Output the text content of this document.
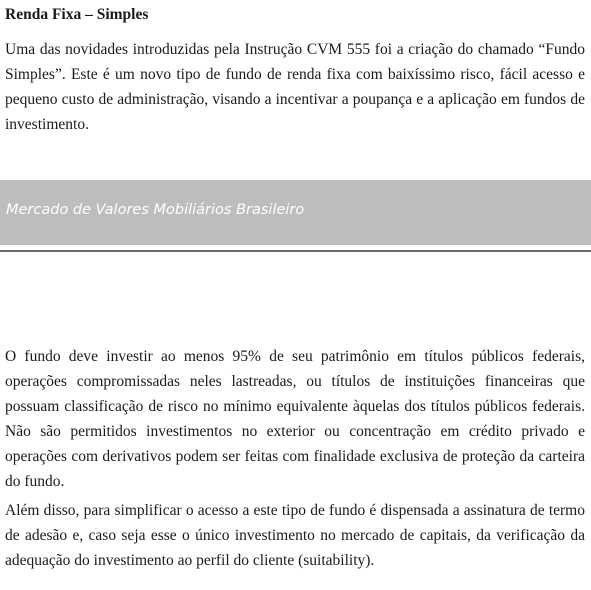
Renda Fixa – Simples

Uma das novidades introduzidas pela Instrução CVM 555 foi a criação do chamado “Fundo Simples”. Este é um novo tipo de fundo de renda fixa com baixíssimo risco, fácil acesso e pequeno custo de administração, visando a incentivar a poupança e a aplicação em fundos de investimento.

Mercado de Valores Mobiliários Brasileiro

O fundo deve investir ao menos 95% de seu patrimônio em títulos públicos federais, operações compromissadas neles lastreadas, ou títulos de instituições financeiras que possuam classificação de risco no mínimo equivalente àquelas dos títulos públicos federais. Não são permitidos investimentos no exterior ou concentração em crédito privado e operações com derivativos podem ser feitas com finalidade exclusiva de proteção da carteira do fundo.

Além disso, para simplificar o acesso a este tipo de fundo é dispensada a assinatura de termo de adesão e, caso seja esse o único investimento no mercado de capitais, da verificação da adequação do investimento ao perfil do cliente (suitability).
